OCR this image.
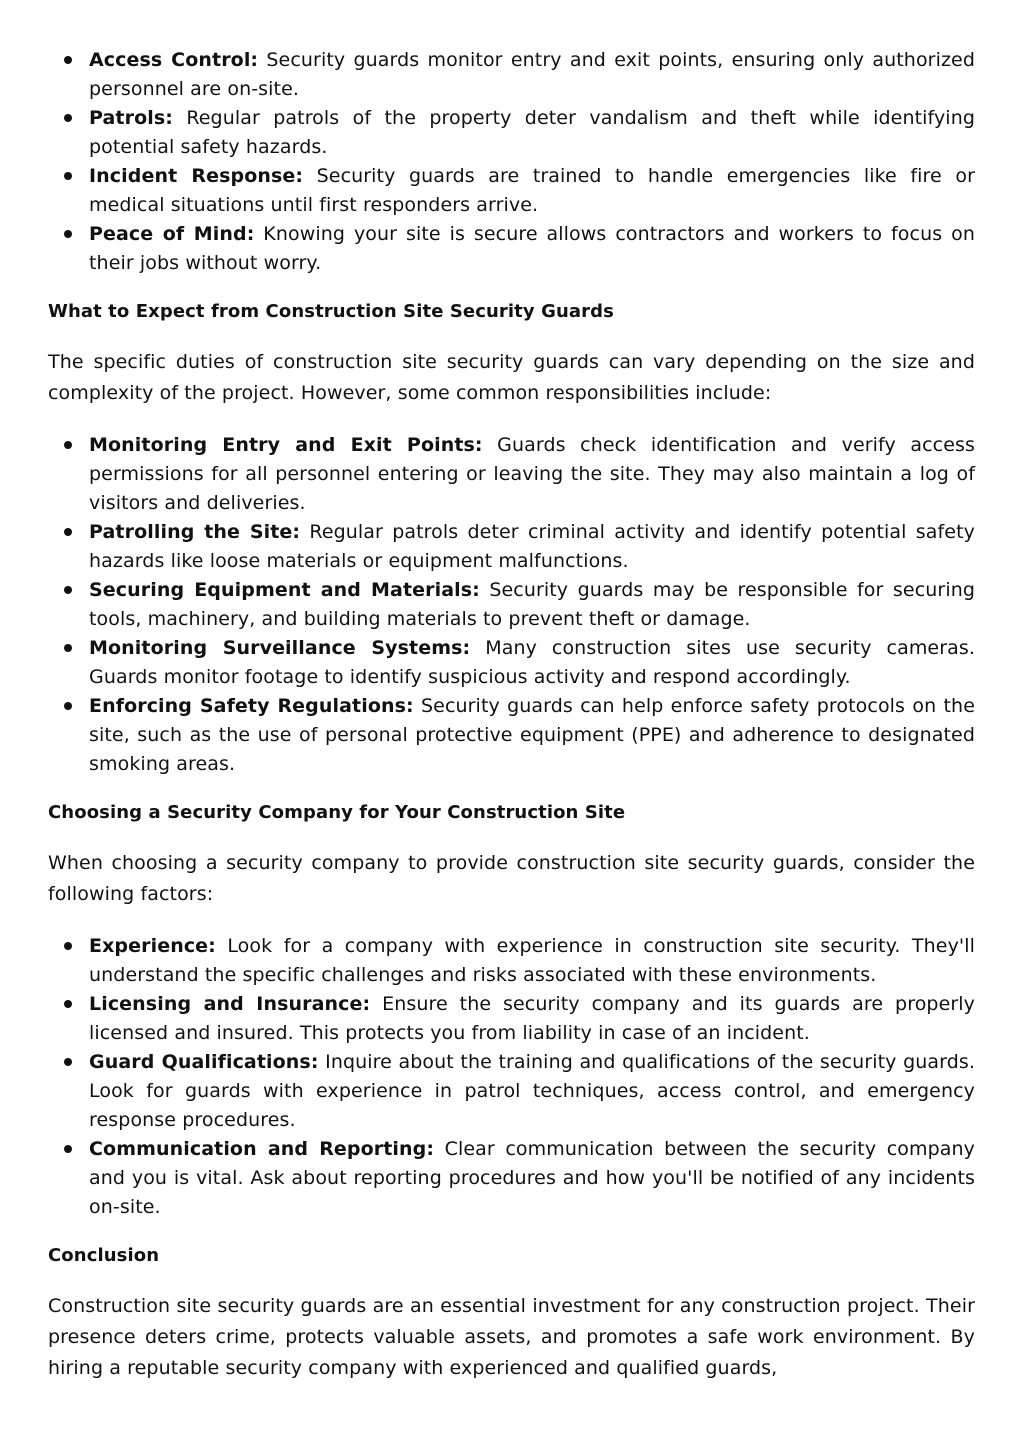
Access Control: Security guards monitor entry and exit points, ensuring only authorized personnel are on-site.
Patrols: Regular patrols of the property deter vandalism and theft while identifying potential safety hazards.
Incident Response: Security guards are trained to handle emergencies like fire or medical situations until first responders arrive.
Peace of Mind: Knowing your site is secure allows contractors and workers to focus on their jobs without worry.
What to Expect from Construction Site Security Guards

The specific duties of construction site security guards can vary depending on the size and complexity of the project. However, some common responsibilities include:

Monitoring Entry and Exit Points: Guards check identification and verify access permissions for all personnel entering or leaving the site. They may also maintain a log of visitors and deliveries.
Patrolling the Site: Regular patrols deter criminal activity and identify potential safety hazards like loose materials or equipment malfunctions.
Securing Equipment and Materials: Security guards may be responsible for securing tools, machinery, and building materials to prevent theft or damage.
Monitoring Surveillance Systems: Many construction sites use security cameras. Guards monitor footage to identify suspicious activity and respond accordingly.
Enforcing Safety Regulations: Security guards can help enforce safety protocols on the site, such as the use of personal protective equipment (PPE) and adherence to designated smoking areas.
Choosing a Security Company for Your Construction Site

When choosing a security company to provide construction site security guards, consider the following factors:

Experience: Look for a company with experience in construction site security. They'll understand the specific challenges and risks associated with these environments.
Licensing and Insurance: Ensure the security company and its guards are properly licensed and insured. This protects you from liability in case of an incident.
Guard Qualifications: Inquire about the training and qualifications of the security guards. Look for guards with experience in patrol techniques, access control, and emergency response procedures.
Communication and Reporting: Clear communication between the security company and you is vital. Ask about reporting procedures and how you'll be notified of any incidents on-site.
Conclusion

Construction site security guards are an essential investment for any construction project. Their presence deters crime, protects valuable assets, and promotes a safe work environment. By hiring a reputable security company with experienced and qualified guards,
